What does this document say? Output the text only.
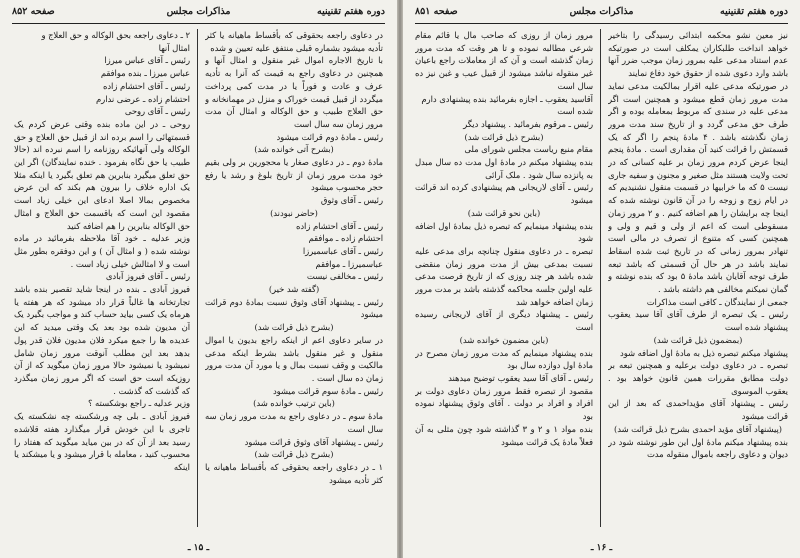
دوره هفتم تقنینیه
مذاکرات مجلس
صفحه ۸۵۲

۲ ـ دعاوی راجعه بحق الوکاله و حق العلاج و

امثال آنها

رئیس ـ آقای عباس میرزا

عباس میرزا ـ بنده موافقم

رئیس ـ آقای احتشام زاده

احتشام زاده ـ عرضی ندارم

رئیس ـ آقای روحی

روحی ـ در این ماده بنده وقتی عرض کردم یک قسمتهائی را اسم برده اند از قبیل حق العلاج و حق الوکاله ولی آنهائیکه روزنامه را اسم نبرده اند (حالا طبیب یا حق نگاه بفرمود . خنده نمایندگان) اگر این حق تعلق میگیرد بنابرین هم تعلق بگیرد یا اینکه مثلا یک اداره خلاف را بیرون هم بکند که این عرض مخصوص بمالا اصلا ادعای این خیلی زیاد است مقصود این است که باقسمت حق العلاج و امثال حق الوکاله بنابرین را هم اضافه کنید

وزیر عدلیه ـ خود آقا ملاحظه بفرمائید در ماده نوشته شده ( و امثال آن ) و این دوفقره بطور مثل است و لا امثالش خیلی زیاد است .

رئیس ـ آقای فیروز آبادی

فیروز آبادی ـ بنده در اینجا شاید تقصیر بنده باشد تجارتخانه ها غالباً قرار داد میشود که هر هفته یا هرماه یک کسی بیاید حساب کند و مواجب بگیرد یک آن مدیون شده بود بعد یک وقتی میدید که این عدیده ها را جمع میکرد فلان مدیون فلان قدر پول بدهد بعد این مطلب آنوقت مرور زمان شامل نمیشود یا نمیشود حالا مرور زمان میگوید که از آن روزیکه است حق است که اگر مرور زمان میگذرد که گذشت که گذشت .

وزیر عدلیه ـ راجع بوشکسته ؟

فیروز آبادی ـ بلی چه ورشکسته چه نشکسته یک تاجری با این خودش قرار میگذارد هفته قلاشده رسید بعد از آن که در بین میاید میگوید که هفتاد را محسوب کنید ، معامله با قرار میشود و یا میشکند یا اینکه

در دعاوی راجعه بحقوقی که بأقساط ماهیانه یا کثر تأدیه میشود بشماره قبلی منتفق علیه تعیین و شده

با تاریخ الاجاره اموال غیر منقول و امثال آنها و همچنین در دعاوی راجع به قیمت که آنرا به تأدیه عرف و عادت و فوراً یا در مدت کمی پرداخت میگردد از قبیل قیمت خوراک و منزل در مهمانخانه و حق العلاج طبیب و حق الوکاله و امثال آن مدت مرور زمان سه سال است

رئیس ـ مادهٔ دوم قرائت میشود

(بشرح آتی خوانده شد)

مادهٔ دوم ـ در دعاوی صغار یا محجورین بر ولی بقیم خود مدت مرور زمان از تاریخ بلوغ و رشد یا رفع حجر محسوب میشود

رئیس ـ آقای وثوق

(حاضر نبودند)

رئیس ـ آقای احتشام زاده

احتشام زاده ـ موافقم

رئیس ـ آقای عباسمیرزا

عباسمیرزا ـ موافقم

رئیس ـ مخالفی نیست

(گفته شد خیر)

رئیس ـ پیشنهاد آقای وثوق نسبت بمادهٔ دوم قرائت میشود

(بشرح ذیل قرائت شد)

در سایر دعاوی اعم از اینکه راجع بدیون یا اموال منقول و غیر منقول باشد بشرط اینکه مدعی مالکیت و وقف نسبت بمال و یا مورد آن مدت مرور زمان ده سال است .

رئیس ـ مادهٔ سوم قرائت میشود

(باین ترتیب خوانده شد)

مادهٔ سوم ـ در دعاوی راجع به مدت مرور زمان سه سال است

رئیس ـ پیشنهاد آقای وثوق قرائت میشود

(بشرح ذیل قرائت شد)

۱ ـ در دعاوی راجعه بحقوقی که بأقساط ماهیانه یا کثر تأدیه میشود

ـ ۱۵ ـ
دوره هفتم تقنینیه
مذاکرات مجلس
صفحه ۸۵۱

مرور زمان از روزی که صاحب مال یا قائم مقام شرعی مطالبه نموده و تا هر وقت که مدت مرور زمان گذشته است و آن که از معاملات راجع باعیان غیر منقوله نباشد میشود از قبیل عیب و غبن نیز ده سال است

آقاسید یعقوب ـ اجازه بفرمائید بنده پیشنهادی دارم

شده است

رئیس ـ مرقوم بفرمائید . پیشنهاد دیگر

(بشرح ذیل قرائت شد)

مقام منبع ریاست مجلس شورای ملی

بنده پیشنهاد میکنم در مادهٔ اول مدت ده سال مبدل به پانزده سال شود . ملک آرائی

رئیس ـ آقای لاریجانی هم پیشنهادی کرده اند قرائت میشود

(باین نحو قرائت شد)

بنده پیشنهاد مینمایم که تبصره ذیل بمادهٔ اول اضافه شود

تبصره ـ در دعاوی منقول چنانچه برای مدعی علیه نسبت بمدعی بیش از مدت مرور زمان منقضی شده باشد هر چند روزی که از تاریخ فرصت مدعی علیه اولین جلسه محاکمه گذشته باشد بر مدت مرور زمان اضافه خواهد شد

رئیس ـ پیشنهاد دیگری از آقای لاریجانی رسیده است

(باین مضمون خوانده شد)

بنده پیشنهاد مینمایم که مدت مرور زمان مصرح در مادهٔ اول دوازده سال بود

رئیس ـ آقای آقا سید یعقوب توضیح میدهند

مقصود از تبصره فقط مرور زمان دعاوی دولت بر افراد و افراد بر دولت . آقای وثوق پیشنهاد نموده بود

بنده مواد ۱ و ۲ و ۳ گذاشته شود چون مثلی به آن فعلاً مادهٔ یک قرائت میشود

نیز معین نشو محکمه ابتدائی رسیدگی را بتاخیر خواهد انداخت طلبکاران یمکلف است در صورتیکه عدم استناد مدعی علیه بمرور زمان موجب ضرر آنها باشد وارد دعوی شده از حقوق خود دفاع نمایند

در صورتیکه مدعی علیه اقرار بمالکیت مدعی نماید مدت مرور زمان قطع میشود و همچنین است اگر مدعی علیه در سندی که مربوط بمعامله بوده و اگر طرف حق مدعی گردد و از تاریخ سند مدت مرور زمان نگذشته باشد . ۴ مادهٔ پنجم را اگر که یک قسمتش را قرائت کنید آن مقداری است . مادهٔ پنجم اینجا عرض کردم مرور زمان بر علیه کسانی که در تحت ولایت هستند مثل صغیر و مجنون و سفیه جاری نیست ۵ که ما خرابیها در قسمت منقول نشنیدیم که در ایام زوج و زوجه را در آن قانون نوشته شده که اینجا چه برایشان را هم اضافه کنیم . و ۲ مرور زمان مسقوطی است که اعم از ولی و قیم و ولی و همچنین کسی که متنوع از تصرف در مالی است تنهادر بمرور زمانی که در تاریخ ثبت شده اسقاط نمایند باشد در هر حال آن قسمتی که باشد تبعه طرف توجه آقایان باشد مادهٔ ۵ بود که بنده نوشته و گمان نمیکنم مخالفی هم داشته باشد .

جمعی از نمایندگان ـ کافی است مذاکرات

رئیس ـ یک تبصره از طرف آقای آقا سید یعقوب پیشنهاد شده است

(بمضمون ذیل قرائت شد)

پیشنهاد میکنم تبصره ذیل به مادهٔ اول اضافه شود

تبصره ـ در دعاوی دولت برعلیه و همچنین تبعه بر دولت مطابق مقررات همین قانون خواهد بود . یعقوب الموسوی

رئیس ـ پیشنهاد آقای مؤیداحمدی که بعد از این قرائت میشود

(پیشنهاد آقای مؤید احمدی بشرح ذیل قرائت شد)

بنده پیشنهاد میکنم مادهٔ اول این طور نوشته شود در دیوان و دعاوی راجعه باموال منقوله مدت

ـ ۱۶ ـ
